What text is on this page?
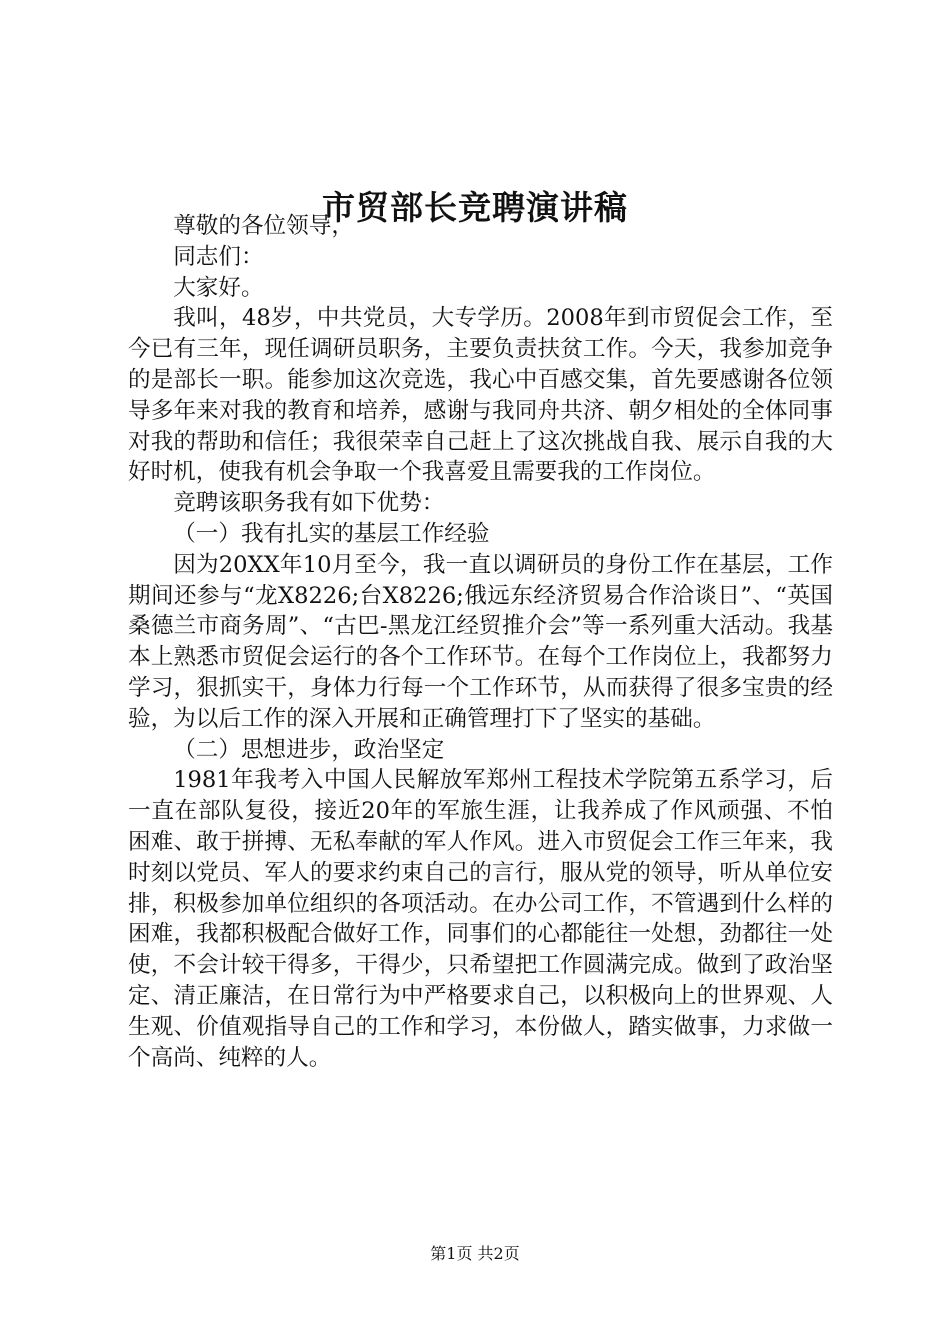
市贸部长竞聘演讲稿

尊敬的各位领导，

同志们：

大家好。

我叫，48岁，中共党员，大专学历。2008年到市贸促会工作，至今已有三年，现任调研员职务，主要负责扶贫工作。今天，我参加竞争的是部长一职。能参加这次竞选，我心中百感交集，首先要感谢各位领导多年来对我的教育和培养，感谢与我同舟共济、朝夕相处的全体同事对我的帮助和信任；我很荣幸自己赶上了这次挑战自我、展示自我的大好时机，使我有机会争取一个我喜爱且需要我的工作岗位。

竞聘该职务我有如下优势：

（一）我有扎实的基层工作经验

因为20XX年10月至今，我一直以调研员的身份工作在基层，工作期间还参与“龙X8226;台X8226;俄远东经济贸易合作洽谈日”、“英国桑德兰市商务周”、“古巴-黑龙江经贸推介会”等一系列重大活动。我基本上熟悉市贸促会运行的各个工作环节。在每个工作岗位上，我都努力学习，狠抓实干，身体力行每一个工作环节，从而获得了很多宝贵的经验，为以后工作的深入开展和正确管理打下了坚实的基础。

（二）思想进步，政治坚定

1981年我考入中国人民解放军郑州工程技术学院第五系学习，后一直在部队复役，接近20年的军旅生涯，让我养成了作风顽强、不怕困难、敢于拼搏、无私奉献的军人作风。进入市贸促会工作三年来，我时刻以党员、军人的要求约束自己的言行，服从党的领导，听从单位安排，积极参加单位组织的各项活动。在办公司工作，不管遇到什么样的困难，我都积极配合做好工作，同事们的心都能往一处想，劲都往一处使，不会计较干得多，干得少，只希望把工作圆满完成。做到了政治坚定、清正廉洁，在日常行为中严格要求自己，以积极向上的世界观、人生观、价值观指导自己的工作和学习，本份做人，踏实做事，力求做一个高尚、纯粹的人。

第1页 共2页
